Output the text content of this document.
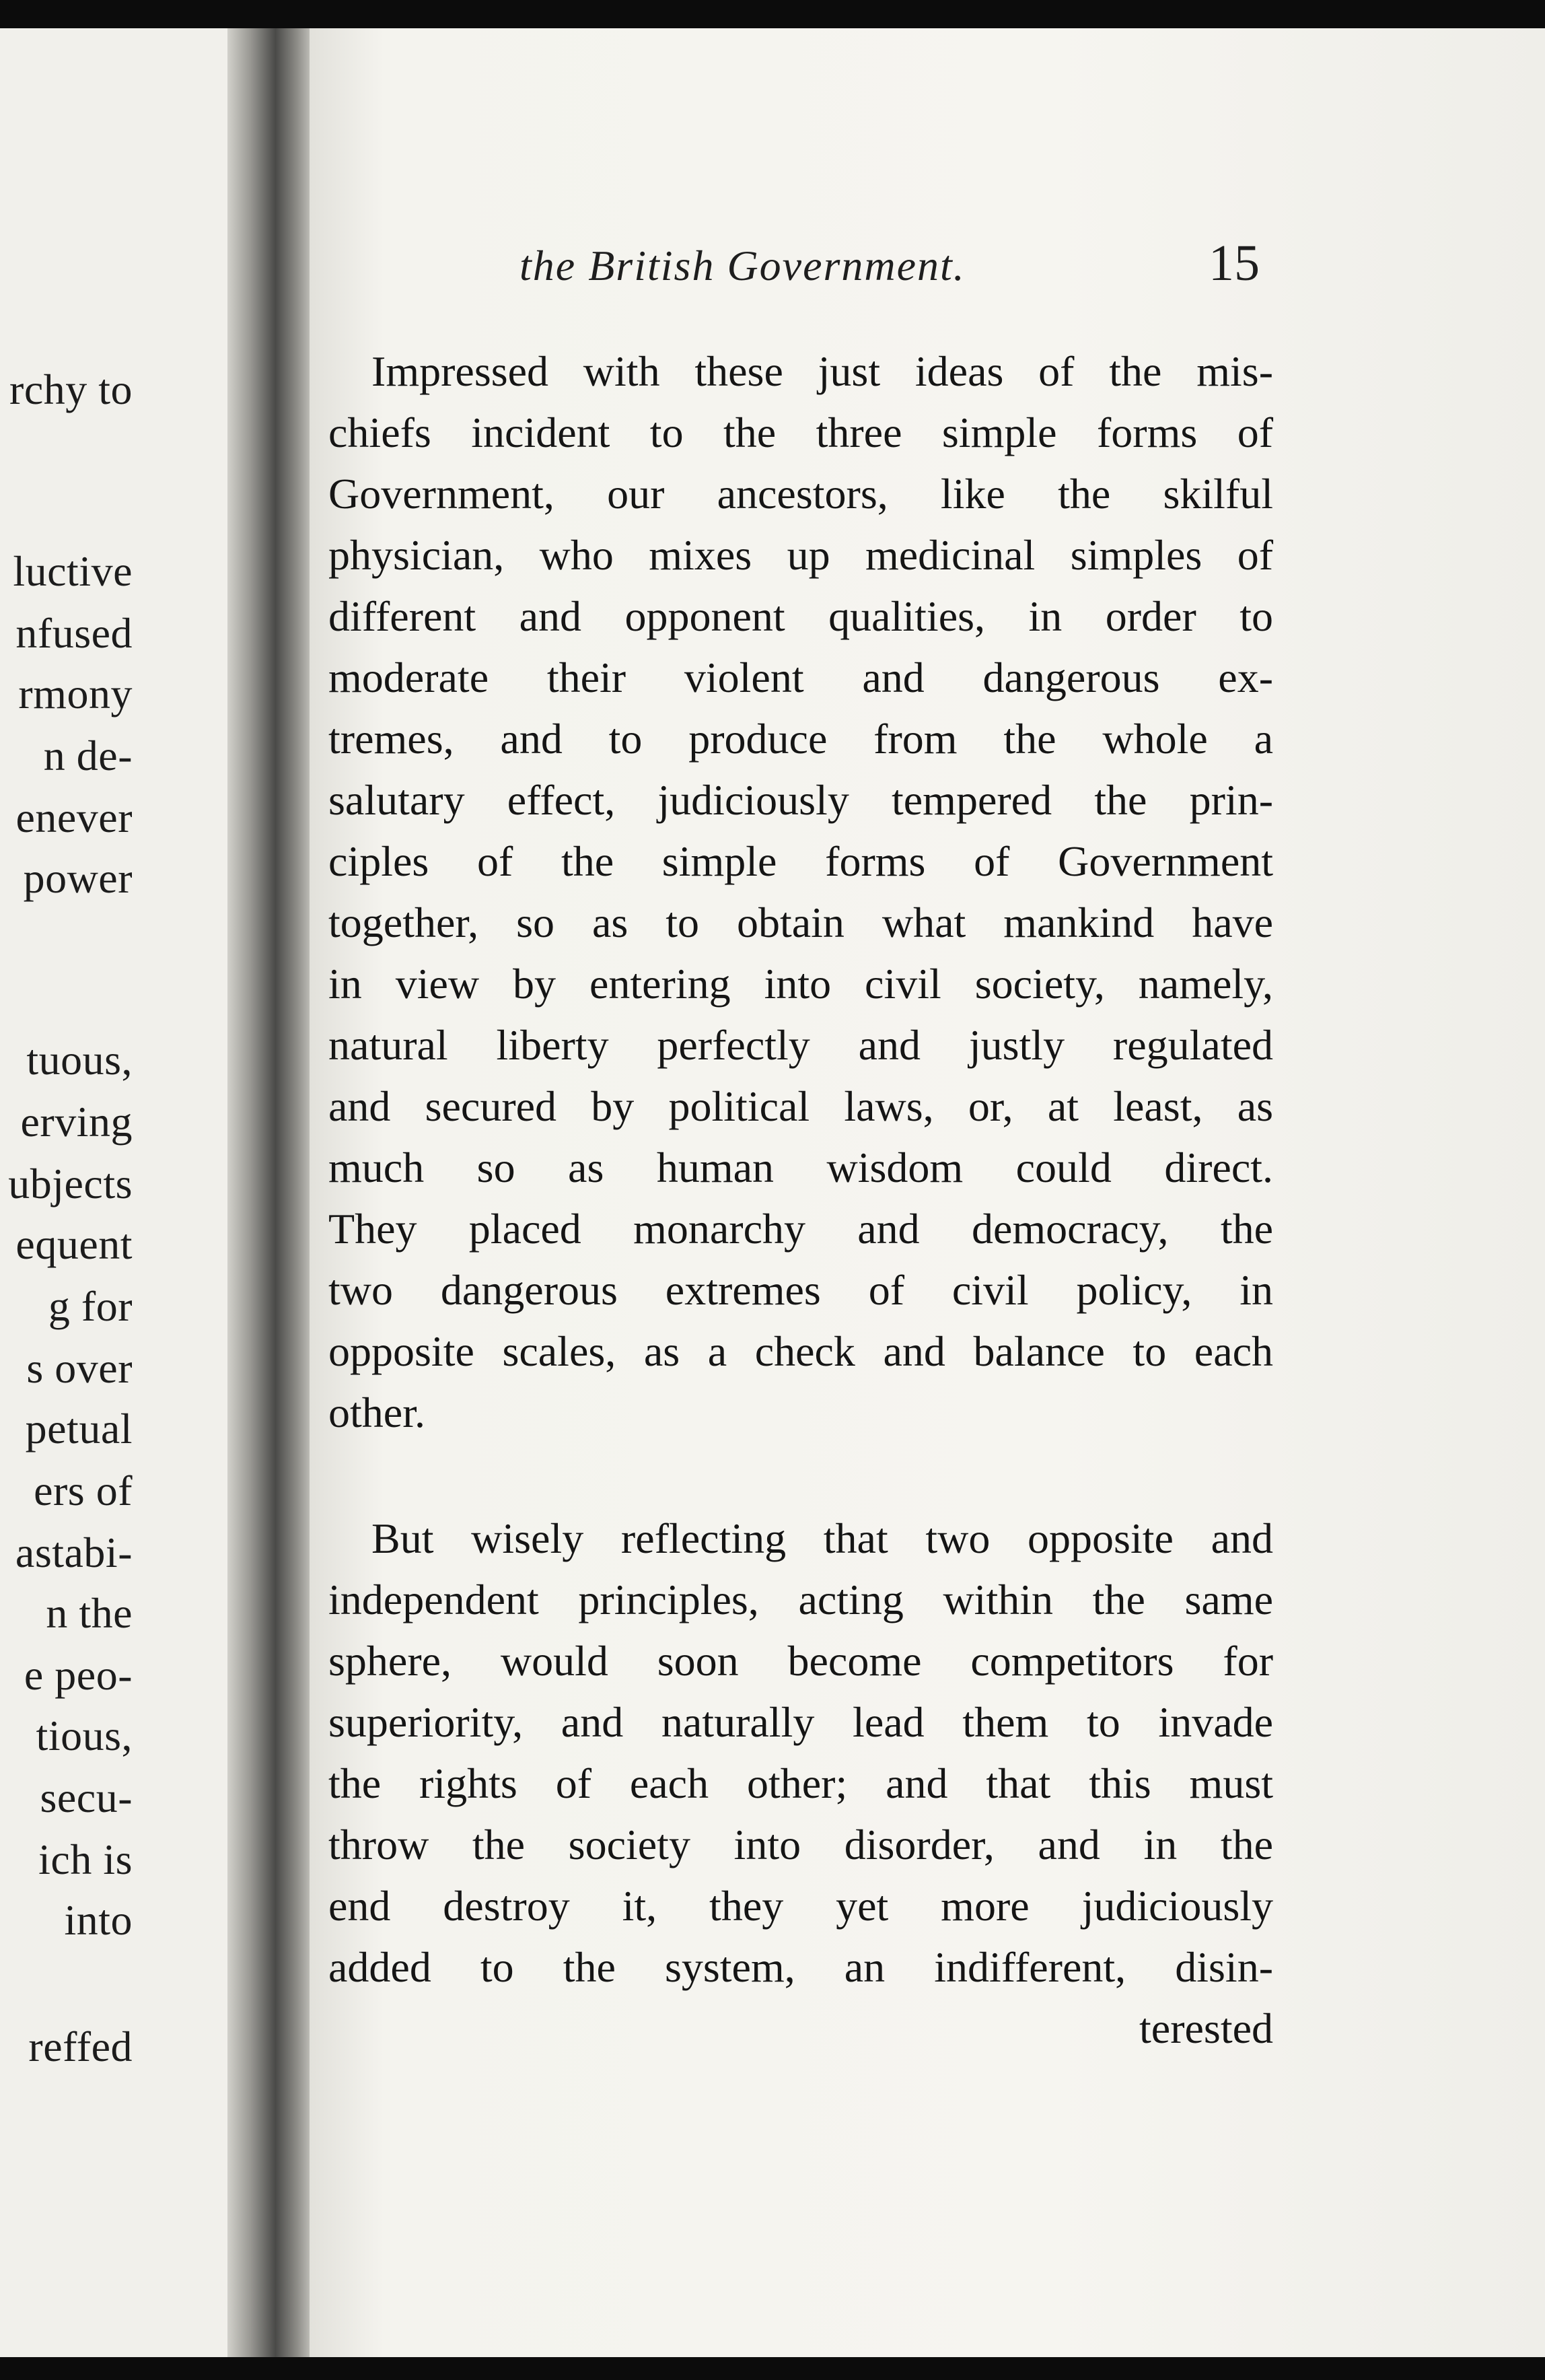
rchy to
luctive
nfused
rmony
n de-
enever
power
tuous,
erving
ubjects
equent
g for
s over
petual
ers of
astabi-
n the
e peo-
tious,
secu-
ich is
into
reffed
the British Government.	15
Impressed with these just ideas of the mis-
chiefs incident to the three simple forms of
Government, our ancestors, like the skilful
physician, who mixes up medicinal simples of
different and opponent qualities, in order to
moderate their violent and dangerous ex-
tremes, and to produce from the whole a
salutary effect, judiciously tempered the prin-
ciples of the simple forms of Government
together, so as to obtain what mankind have
in view by entering into civil society, namely,
natural liberty perfectly and justly regulated
and secured by political laws, or, at least, as
much so as human wisdom could direct.
They placed monarchy and democracy, the
two dangerous extremes of civil policy, in
opposite scales, as a check and balance to each
other.
But wisely reflecting that two opposite and
independent principles, acting within the same
sphere, would soon become competitors for
superiority, and naturally lead them to invade
the rights of each other; and that this must
throw the society into disorder, and in the
end destroy it, they yet more judiciously
added to the system, an indifferent, disin-
terested
